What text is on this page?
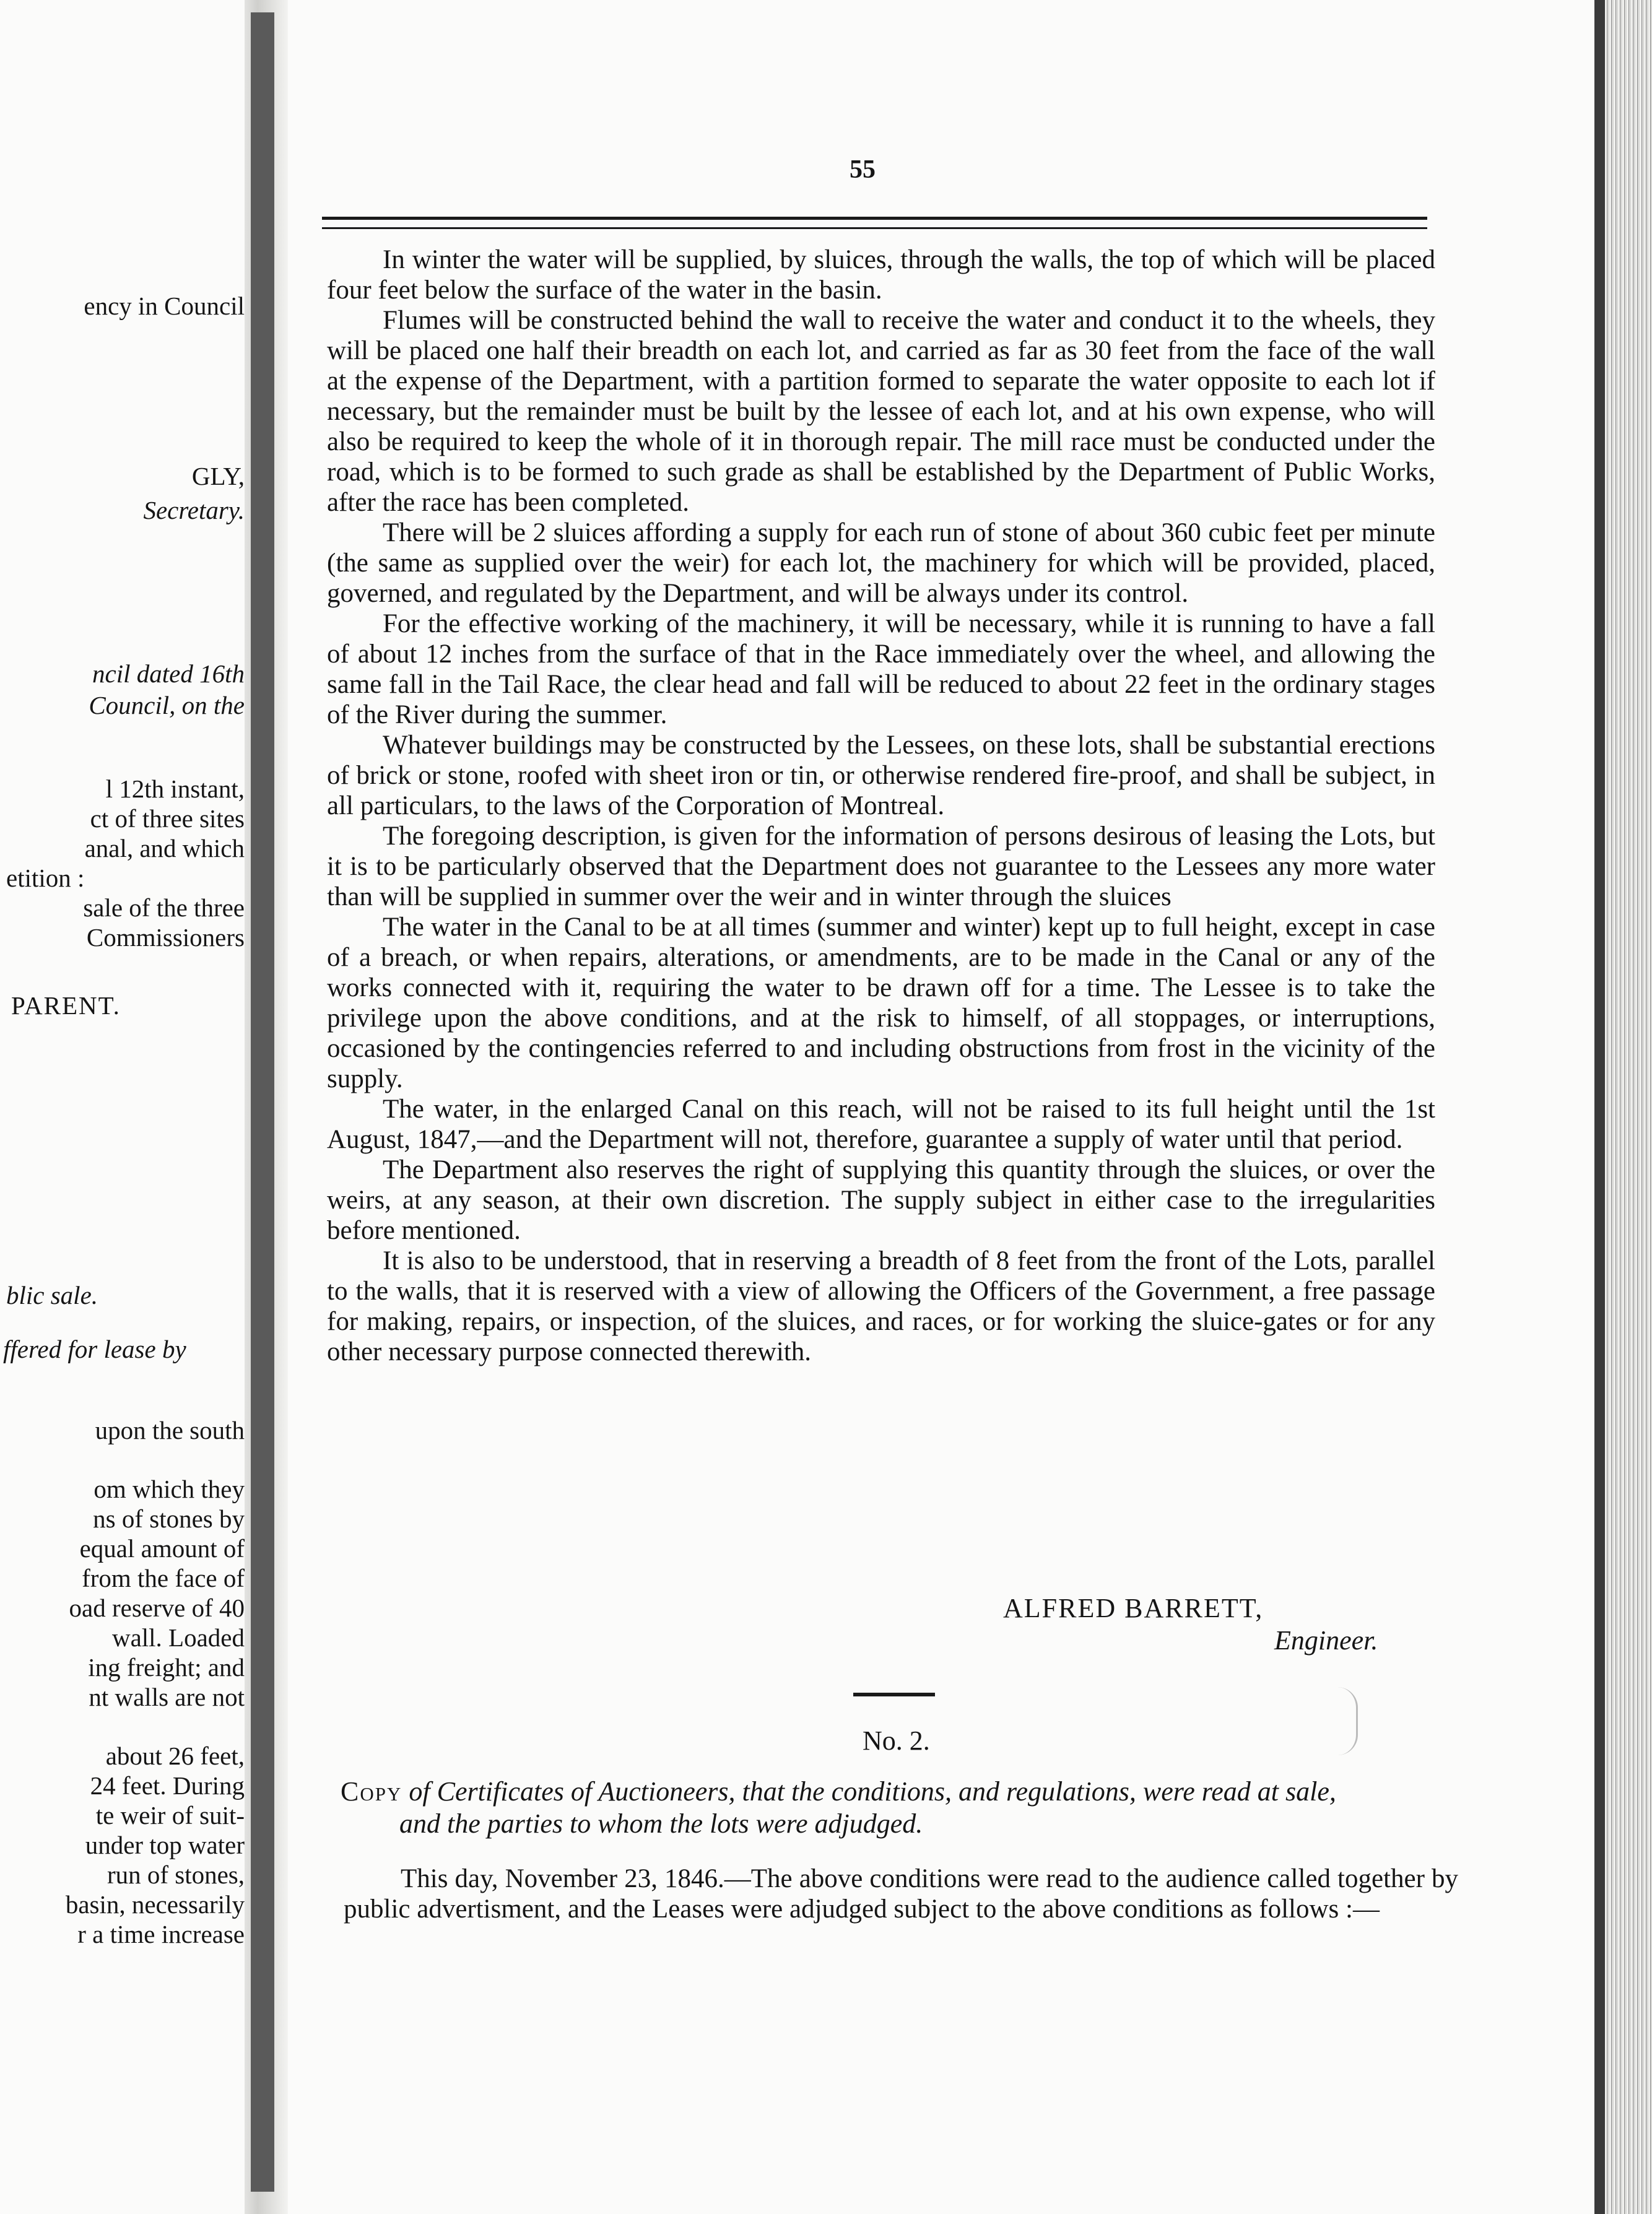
ency in Council
GLY,
Secretary.
ncil dated 16th
Council, on the
l 12th instant,
ct of three sites
anal, and which
etition :
sale of the three
Commissioners
PARENT.
blic sale.
ffered for lease by
upon the south
om which they
ns of stones by
equal amount of
from the face of
oad reserve of 40
wall. Loaded
ing freight; and
nt walls are not
about 26 feet,
24 feet. During
te weir of suit-
under top water
run of stones,
basin, necessarily
r a time increase
55

In winter the water will be supplied, by sluices, through the walls, the top of which will be placed four feet below the surface of the water in the basin.

Flumes will be constructed behind the wall to receive the water and conduct it to the wheels, they will be placed one half their breadth on each lot, and carried as far as 30 feet from the face of the wall at the expense of the Department, with a partition formed to separate the water opposite to each lot if necessary, but the remainder must be built by the lessee of each lot, and at his own expense, who will also be required to keep the whole of it in thorough repair. The mill race must be conducted under the road, which is to be formed to such grade as shall be established by the Department of Public Works, after the race has been completed.

There will be 2 sluices affording a supply for each run of stone of about 360 cubic feet per minute (the same as supplied over the weir) for each lot, the machinery for which will be provided, placed, governed, and regulated by the Department, and will be always under its control.

For the effective working of the machinery, it will be necessary, while it is running to have a fall of about 12 inches from the surface of that in the Race immediately over the wheel, and allowing the same fall in the Tail Race, the clear head and fall will be reduced to about 22 feet in the ordinary stages of the River during the summer.

Whatever buildings may be constructed by the Lessees, on these lots, shall be substantial erections of brick or stone, roofed with sheet iron or tin, or otherwise rendered fire-proof, and shall be subject, in all particulars, to the laws of the Corporation of Montreal.

The foregoing description, is given for the information of persons desirous of leasing the Lots, but it is to be particularly observed that the Department does not guarantee to the Lessees any more water than will be supplied in summer over the weir and in winter through the sluices

The water in the Canal to be at all times (summer and winter) kept up to full height, except in case of a breach, or when repairs, alterations, or amendments, are to be made in the Canal or any of the works connected with it, requiring the water to be drawn off for a time. The Lessee is to take the privilege upon the above conditions, and at the risk to himself, of all stoppages, or interruptions, occasioned by the contingencies referred to and including obstructions from frost in the vicinity of the supply.

The water, in the enlarged Canal on this reach, will not be raised to its full height until the 1st August, 1847,—and the Department will not, therefore, guarantee a supply of water until that period.

The Department also reserves the right of supplying this quantity through the sluices, or over the weirs, at any season, at their own discretion. The supply subject in either case to the irregularities before mentioned.

It is also to be understood, that in reserving a breadth of 8 feet from the front of the Lots, parallel to the walls, that it is reserved with a view of allowing the Officers of the Government, a free passage for making, repairs, or inspection, of the sluices, and races, or for working the sluice-gates or for any other necessary purpose connected therewith.

ALFRED BARRETT,
Engineer.
No. 2.
Copy of Certificates of Auctioneers, that the conditions, and regulations, were read at sale,
and the parties to whom the lots were adjudged.

This day, November 23, 1846.—The above conditions were read to the audience called together by public advertisment, and the Leases were adjudged subject to the above conditions as follows :—
